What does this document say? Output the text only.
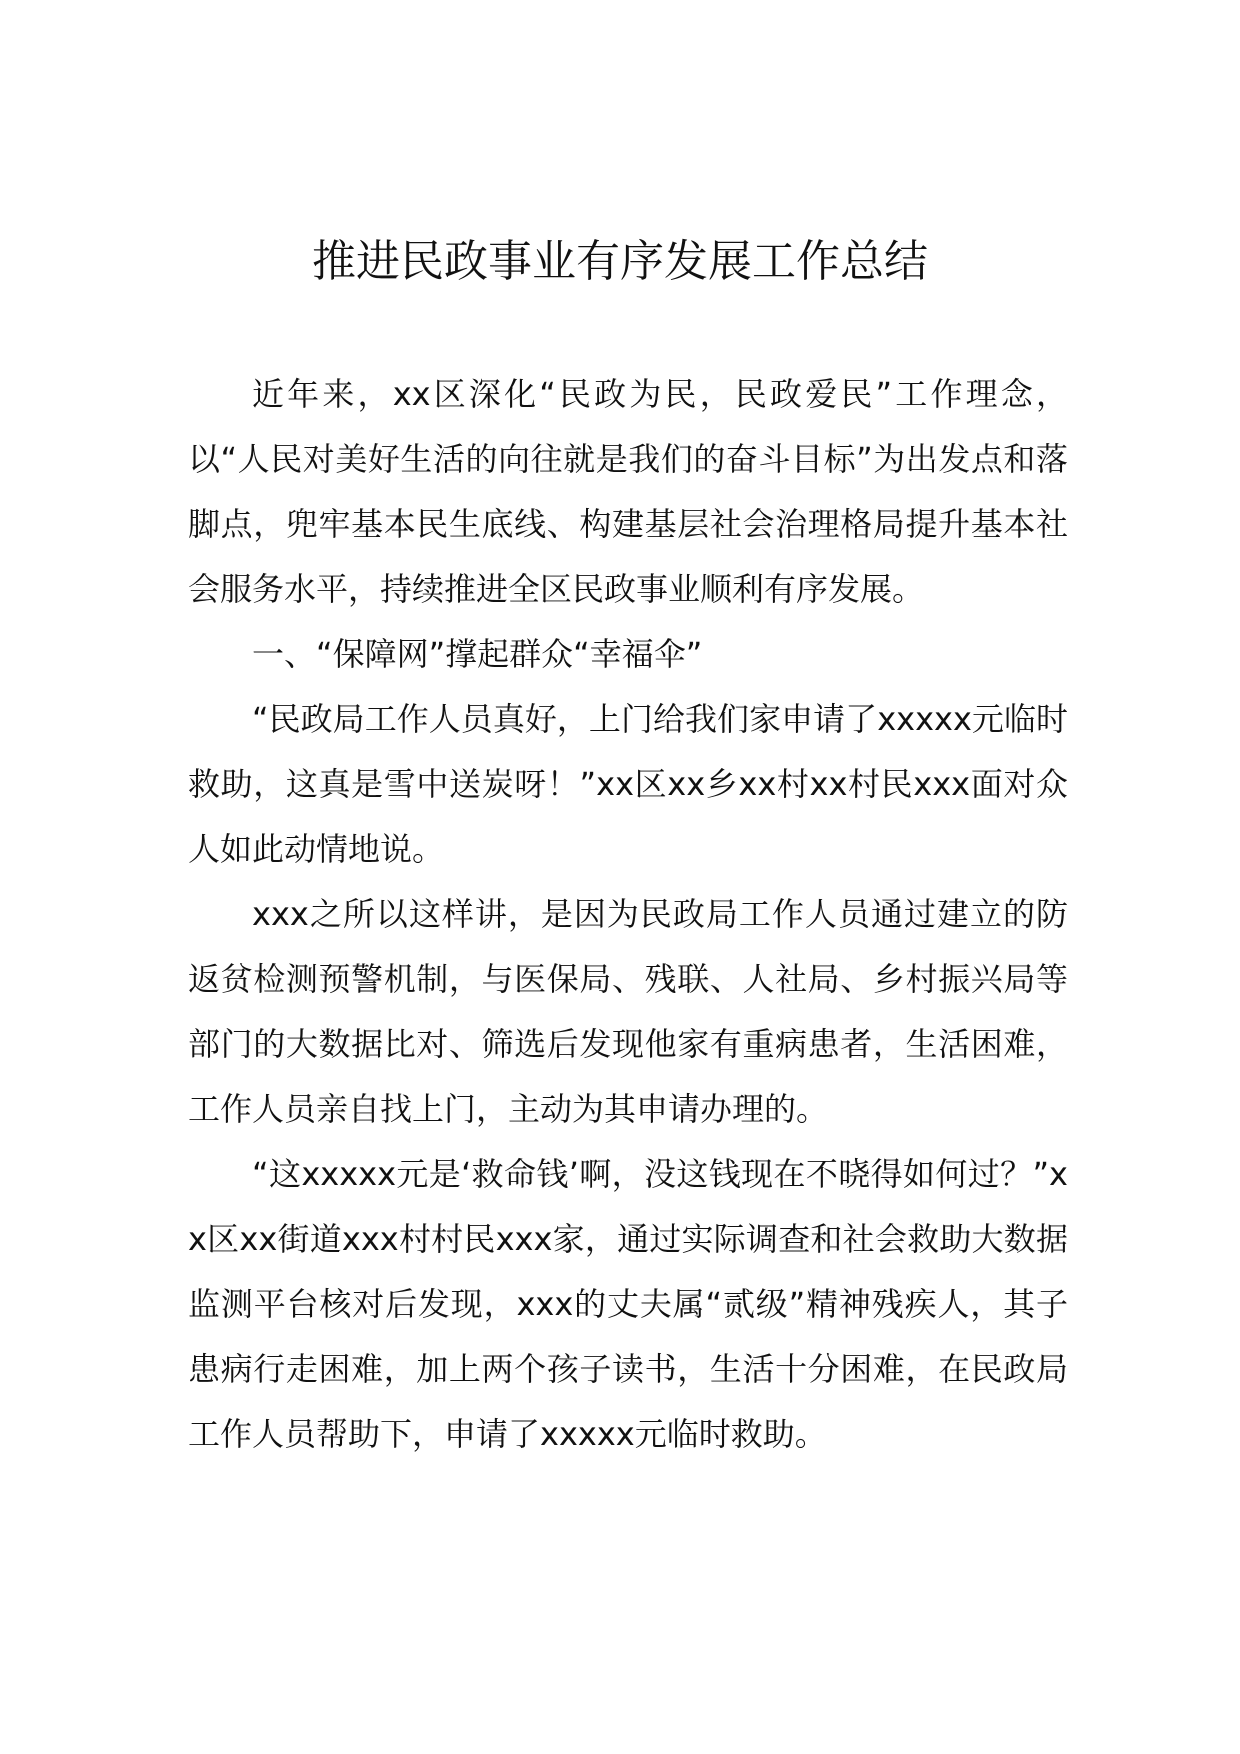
推进民政事业有序发展工作总结

近年来，xx区深化“民政为民，民政爱民”工作理念，以“人民对美好生活的向往就是我们的奋斗目标”为出发点和落脚点，兜牢基本民生底线、构建基层社会治理格局提升基本社会服务水平，持续推进全区民政事业顺利有序发展。

一、“保障网”撑起群众“幸福伞”

“民政局工作人员真好，上门给我们家申请了xxxxx元临时救助，这真是雪中送炭呀！”xx区xx乡xx村xx村民xxx面对众人如此动情地说。

xxx之所以这样讲，是因为民政局工作人员通过建立的防返贫检测预警机制，与医保局、残联、人社局、乡村振兴局等部门的大数据比对、筛选后发现他家有重病患者，生活困难，工作人员亲自找上门，主动为其申请办理的。

“这xxxxx元是‘救命钱’啊，没这钱现在不晓得如何过？”xx区xx街道xxx村村民xxx家，通过实际调查和社会救助大数据监测平台核对后发现，xxx的丈夫属“贰级”精神残疾人，其子患病行走困难，加上两个孩子读书，生活十分困难，在民政局工作人员帮助下，申请了xxxxx元临时救助。
